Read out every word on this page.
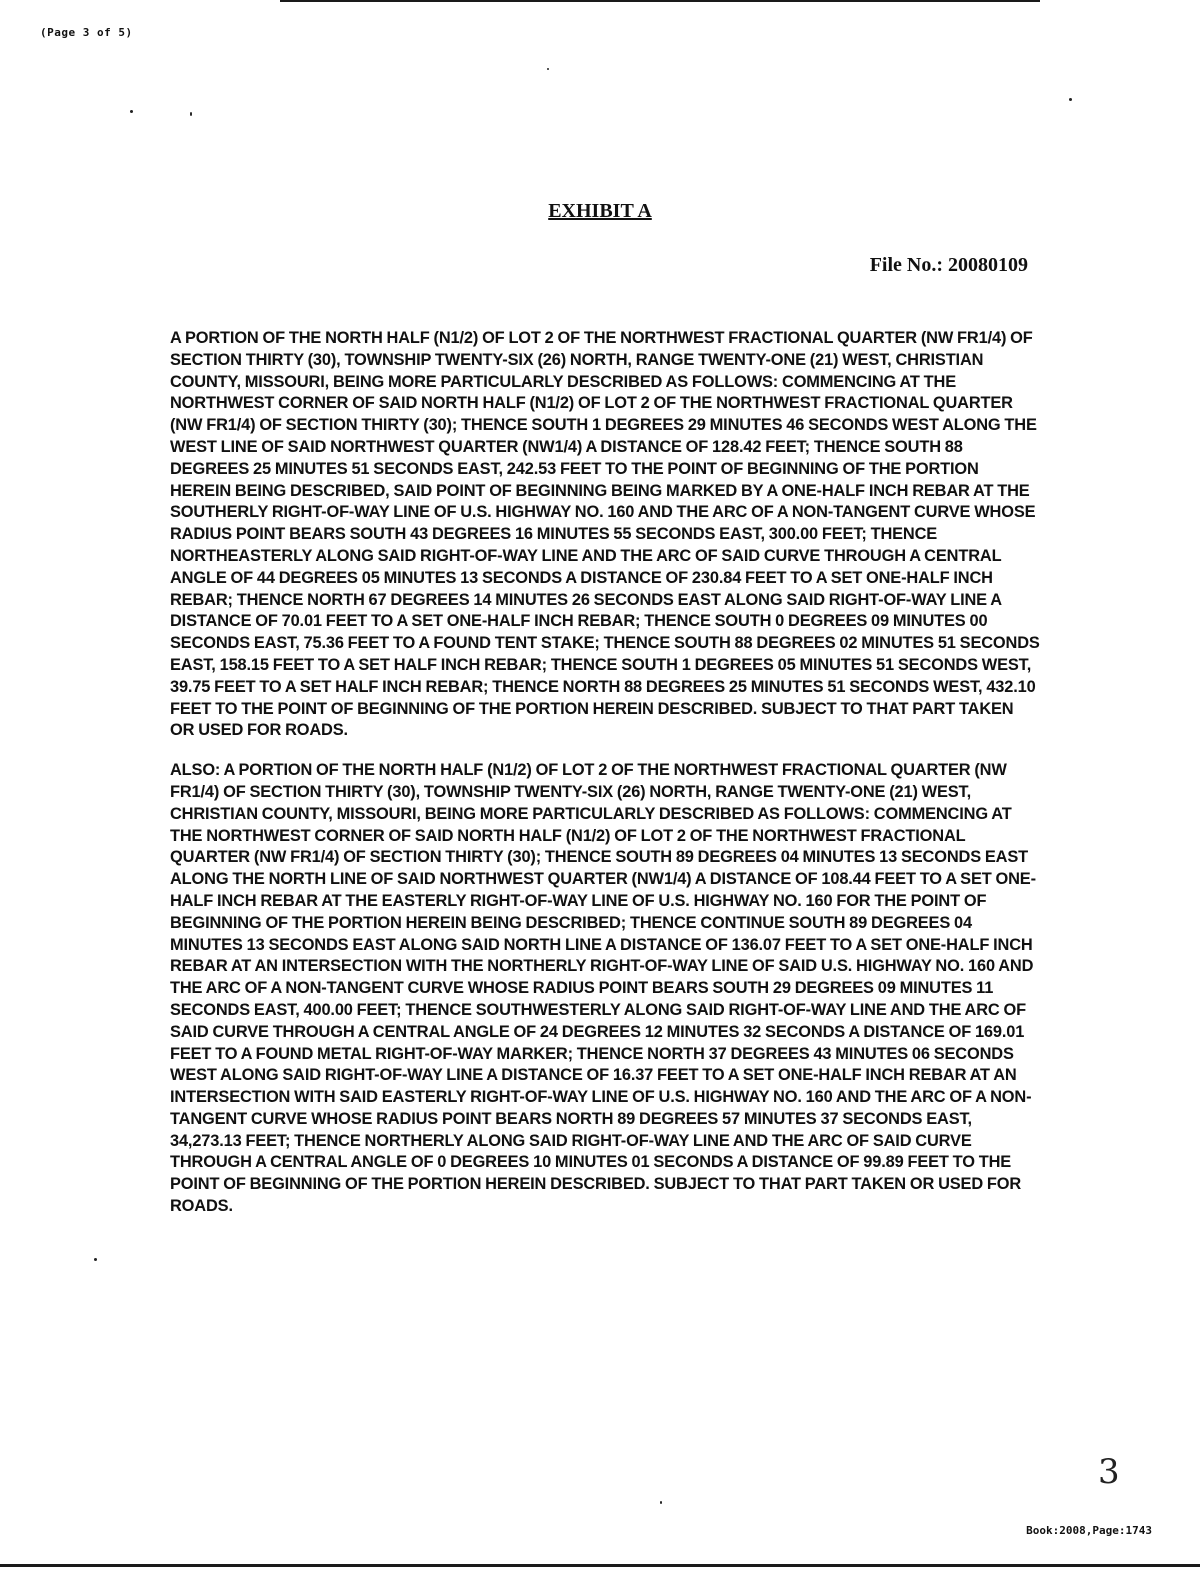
(Page 3 of 5)
EXHIBIT A
File No.: 20080109

A PORTION OF THE NORTH HALF (N1/2) OF LOT 2 OF THE NORTHWEST FRACTIONAL QUARTER (NW FR1/4) OF SECTION THIRTY (30), TOWNSHIP TWENTY-SIX (26) NORTH, RANGE TWENTY-ONE (21) WEST, CHRISTIAN COUNTY, MISSOURI, BEING MORE PARTICULARLY DESCRIBED AS FOLLOWS: COMMENCING AT THE NORTHWEST CORNER OF SAID NORTH HALF (N1/2) OF LOT 2 OF THE NORTHWEST FRACTIONAL QUARTER (NW FR1/4) OF SECTION THIRTY (30); THENCE SOUTH 1 DEGREES 29 MINUTES 46 SECONDS WEST ALONG THE WEST LINE OF SAID NORTHWEST QUARTER (NW1/4) A DISTANCE OF 128.42 FEET; THENCE SOUTH 88 DEGREES 25 MINUTES 51 SECONDS EAST, 242.53 FEET TO THE POINT OF BEGINNING OF THE PORTION HEREIN BEING DESCRIBED, SAID POINT OF BEGINNING BEING MARKED BY A ONE-HALF INCH REBAR AT THE SOUTHERLY RIGHT-OF-WAY LINE OF U.S. HIGHWAY NO. 160 AND THE ARC OF A NON-TANGENT CURVE WHOSE RADIUS POINT BEARS SOUTH 43 DEGREES 16 MINUTES 55 SECONDS EAST, 300.00 FEET; THENCE NORTHEASTERLY ALONG SAID RIGHT-OF-WAY LINE AND THE ARC OF SAID CURVE THROUGH A CENTRAL ANGLE OF 44 DEGREES 05 MINUTES 13 SECONDS A DISTANCE OF 230.84 FEET TO A SET ONE-HALF INCH REBAR; THENCE NORTH 67 DEGREES 14 MINUTES 26 SECONDS EAST ALONG SAID RIGHT-OF-WAY LINE A DISTANCE OF 70.01 FEET TO A SET ONE-HALF INCH REBAR; THENCE SOUTH 0 DEGREES 09 MINUTES 00 SECONDS EAST, 75.36 FEET TO A FOUND TENT STAKE; THENCE SOUTH 88 DEGREES 02 MINUTES 51 SECONDS EAST, 158.15 FEET TO A SET HALF INCH REBAR; THENCE SOUTH 1 DEGREES 05 MINUTES 51 SECONDS WEST, 39.75 FEET TO A SET HALF INCH REBAR; THENCE NORTH 88 DEGREES 25 MINUTES 51 SECONDS WEST, 432.10 FEET TO THE POINT OF BEGINNING OF THE PORTION HEREIN DESCRIBED. SUBJECT TO THAT PART TAKEN OR USED FOR ROADS.

ALSO: A PORTION OF THE NORTH HALF (N1/2) OF LOT 2 OF THE NORTHWEST FRACTIONAL QUARTER (NW FR1/4) OF SECTION THIRTY (30), TOWNSHIP TWENTY-SIX (26) NORTH, RANGE TWENTY-ONE (21) WEST, CHRISTIAN COUNTY, MISSOURI, BEING MORE PARTICULARLY DESCRIBED AS FOLLOWS: COMMENCING AT THE NORTHWEST CORNER OF SAID NORTH HALF (N1/2) OF LOT 2 OF THE NORTHWEST FRACTIONAL QUARTER (NW FR1/4) OF SECTION THIRTY (30); THENCE SOUTH 89 DEGREES 04 MINUTES 13 SECONDS EAST ALONG THE NORTH LINE OF SAID NORTHWEST QUARTER (NW1/4) A DISTANCE OF 108.44 FEET TO A SET ONE-HALF INCH REBAR AT THE EASTERLY RIGHT-OF-WAY LINE OF U.S. HIGHWAY NO. 160 FOR THE POINT OF BEGINNING OF THE PORTION HEREIN BEING DESCRIBED; THENCE CONTINUE SOUTH 89 DEGREES 04 MINUTES 13 SECONDS EAST ALONG SAID NORTH LINE A DISTANCE OF 136.07 FEET TO A SET ONE-HALF INCH REBAR AT AN INTERSECTION WITH THE NORTHERLY RIGHT-OF-WAY LINE OF SAID U.S. HIGHWAY NO. 160 AND THE ARC OF A NON-TANGENT CURVE WHOSE RADIUS POINT BEARS SOUTH 29 DEGREES 09 MINUTES 11 SECONDS EAST, 400.00 FEET; THENCE SOUTHWESTERLY ALONG SAID RIGHT-OF-WAY LINE AND THE ARC OF SAID CURVE THROUGH A CENTRAL ANGLE OF 24 DEGREES 12 MINUTES 32 SECONDS A DISTANCE OF 169.01 FEET TO A FOUND METAL RIGHT-OF-WAY MARKER; THENCE NORTH 37 DEGREES 43 MINUTES 06 SECONDS WEST ALONG SAID RIGHT-OF-WAY LINE A DISTANCE OF 16.37 FEET TO A SET ONE-HALF INCH REBAR AT AN INTERSECTION WITH SAID EASTERLY RIGHT-OF-WAY LINE OF U.S. HIGHWAY NO. 160 AND THE ARC OF A NON-TANGENT CURVE WHOSE RADIUS POINT BEARS NORTH 89 DEGREES 57 MINUTES 37 SECONDS EAST, 34,273.13 FEET; THENCE NORTHERLY ALONG SAID RIGHT-OF-WAY LINE AND THE ARC OF SAID CURVE THROUGH A CENTRAL ANGLE OF 0 DEGREES 10 MINUTES 01 SECONDS A DISTANCE OF 99.89 FEET TO THE POINT OF BEGINNING OF THE PORTION HEREIN DESCRIBED. SUBJECT TO THAT PART TAKEN OR USED FOR ROADS.

3
Book:2008,Page:1743
